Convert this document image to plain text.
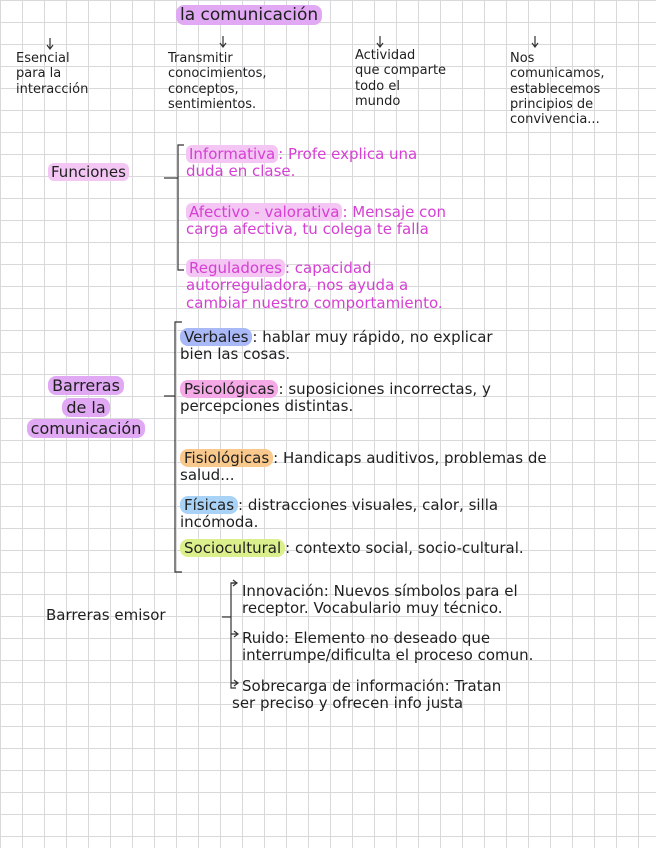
la comunicación
Esencial
para la
interacción
Transmitir
conocimientos,
conceptos,
sentimientos.
Actividad
que comparte
todo el
mundo
Nos
comunicamos,
establecemos
principios de
convivencia...
Funciones
Informativa : Profe explica una
duda en clase.
Afectivo - valorativa : Mensaje con
carga afectiva, tu colega te falla
Reguladores : capacidad
autorreguladora, nos ayuda a
cambiar nuestro comportamiento.
Barreras
de la
comunicación
Verbales : hablar muy rápido, no explicar
bien las cosas.
Psicológicas : suposiciones incorrectas, y
percepciones distintas.
Fisiológicas : Handicaps auditivos, problemas de
salud...
Físicas : distracciones visuales, calor, silla
incómoda.
Sociocultural : contexto social, socio-cultural.
Barreras emisor
Innovación: Nuevos símbolos para el
receptor. Vocabulario muy técnico.
Ruido: Elemento no deseado que
interrumpe/dificulta el proceso comun.
Sobrecarga de información: Tratan
ser preciso y ofrecen info justa
